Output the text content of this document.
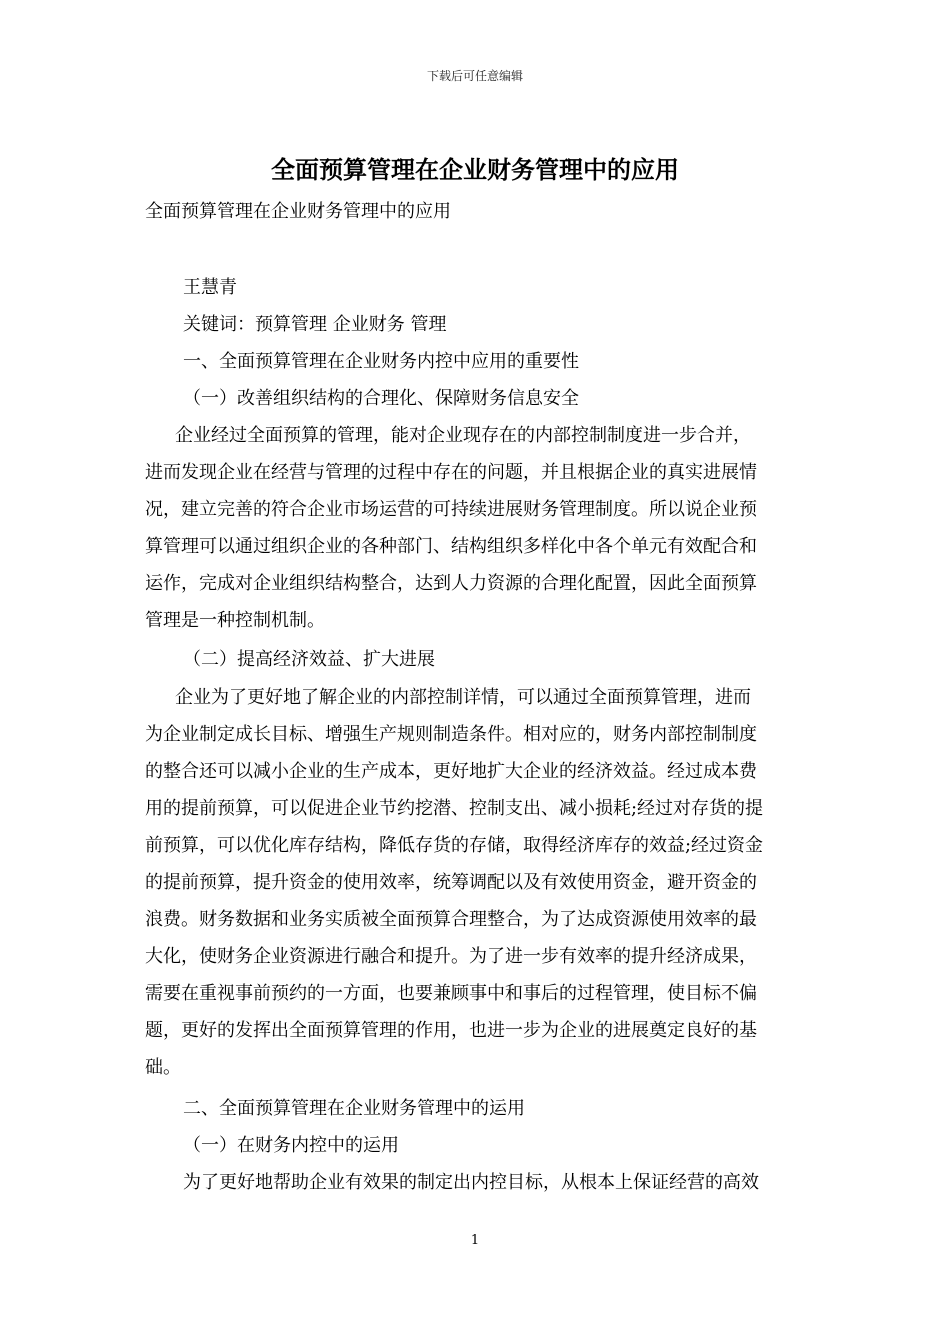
下载后可任意编辑
全面预算管理在企业财务管理中的应用
全面预算管理在企业财务管理中的应用
王慧青
关键词：预算管理 企业财务 管理
一、全面预算管理在企业财务内控中应用的重要性
（一）改善组织结构的合理化、保障财务信息安全
企业经过全面预算的管理，能对企业现存在的内部控制制度进一步合并，
进而发现企业在经营与管理的过程中存在的问题，并且根据企业的真实进展情
况，建立完善的符合企业市场运营的可持续进展财务管理制度。所以说企业预
算管理可以通过组织企业的各种部门、结构组织多样化中各个单元有效配合和
运作，完成对企业组织结构整合，达到人力资源的合理化配置，因此全面预算
管理是一种控制机制。
（二）提高经济效益、扩大进展
企业为了更好地了解企业的内部控制详情，可以通过全面预算管理，进而
为企业制定成长目标、增强生产规则制造条件。相对应的，财务内部控制制度
的整合还可以减小企业的生产成本，更好地扩大企业的经济效益。经过成本费
用的提前预算，可以促进企业节约挖潜、控制支出、减小损耗;经过对存货的提
前预算，可以优化库存结构，降低存货的存储，取得经济库存的效益;经过资金
的提前预算，提升资金的使用效率，统筹调配以及有效使用资金，避开资金的
浪费。财务数据和业务实质被全面预算合理整合，为了达成资源使用效率的最
大化，使财务企业资源进行融合和提升。为了进一步有效率的提升经济成果，
需要在重视事前预约的一方面，也要兼顾事中和事后的过程管理，使目标不偏
题，更好的发挥出全面预算管理的作用，也进一步为企业的进展奠定良好的基
础。
二、全面预算管理在企业财务管理中的运用
（一）在财务内控中的运用
为了更好地帮助企业有效果的制定出内控目标，从根本上保证经营的高效
1
